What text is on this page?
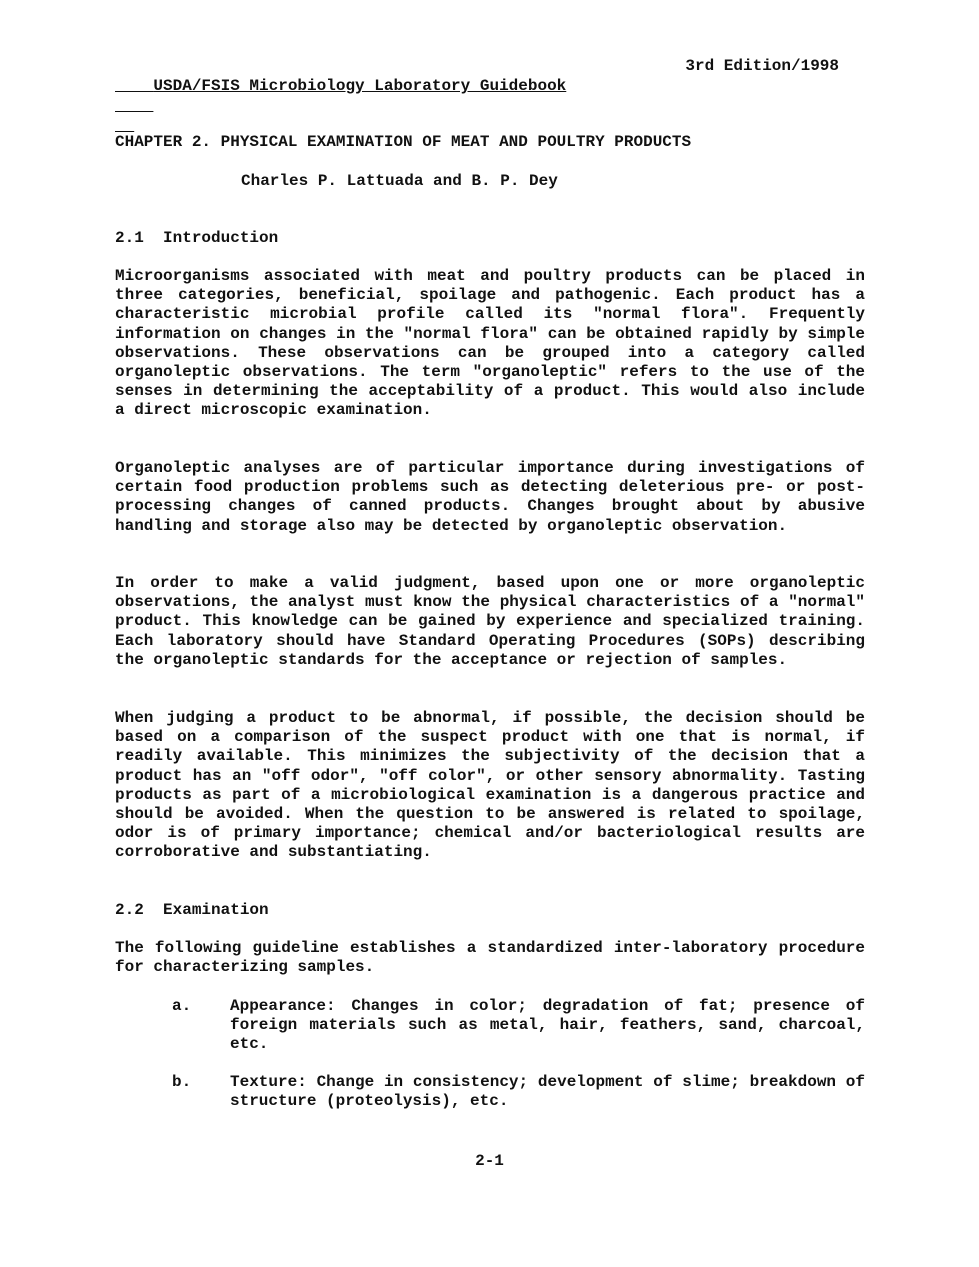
USDA/FSIS Microbiology Laboratory Guidebook

3rd Edition/1998

CHAPTER 2. PHYSICAL EXAMINATION OF MEAT AND POULTRY PRODUCTS
Charles P. Lattuada and B. P. Dey
2.1  Introduction
Microorganisms associated with meat and poultry products can be placed in three categories, beneficial, spoilage and pathogenic. Each product has a characteristic microbial profile called its "normal flora". Frequently information on changes in the "normal flora" can be obtained rapidly by simple observations. These observations can be grouped into a category called organoleptic observations. The term "organoleptic" refers to the use of the senses in determining the acceptability of a product. This would also include a direct microscopic examination.
Organoleptic analyses are of particular importance during investigations of certain food production problems such as detecting deleterious pre- or post-processing changes of canned products. Changes brought about by abusive handling and storage also may be detected by organoleptic observation.
In order to make a valid judgment, based upon one or more organoleptic observations, the analyst must know the physical characteristics of a "normal" product. This knowledge can be gained by experience and specialized training. Each laboratory should have Standard Operating Procedures (SOPs) describing the organoleptic standards for the acceptance or rejection of samples.
When judging a product to be abnormal, if possible, the decision should be based on a comparison of the suspect product with one that is normal, if readily available. This minimizes the subjectivity of the decision that a product has an "off odor", "off color", or other sensory abnormality. Tasting products as part of a microbiological examination is a dangerous practice and should be avoided. When the question to be answered is related to spoilage, odor is of primary importance; chemical and/or bacteriological results are corroborative and substantiating.
2.2  Examination
The following guideline establishes a standardized inter-laboratory procedure for characterizing samples.
a. Appearance: Changes in color; degradation of fat; presence of foreign materials such as metal, hair, feathers, sand, charcoal, etc.
b. Texture: Change in consistency; development of slime; breakdown of structure (proteolysis), etc.
2-1
